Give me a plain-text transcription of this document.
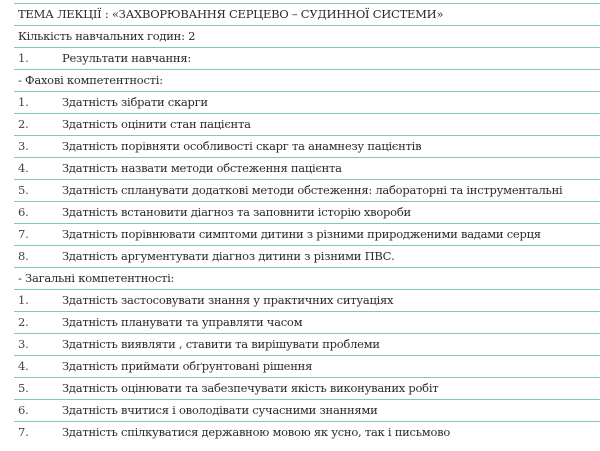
ТЕМА ЛЕКЦІЇ : «ЗАХВОРЮВАННЯ СЕРЦЕВО – СУДИННОЇ СИСТЕМИ»
Кількість навчальних годин: 2
1.	Результати навчання:
- Фахові компетентності:
1.	Здатність зібрати скарги
2.	Здатність оцінити стан пацієнта
3.	Здатність порівняти особливості скарг та анамнезу пацієнтів
4.	Здатність назвати методи обстеження пацієнта
5.	Здатність спланувати додаткові методи обстеження: лабораторні та інструментальні
6.	Здатність встановити діагноз та заповнити історію хвороби
7.	Здатність порівнювати симптоми дитини з різними природженими вадами серця
8.	Здатність аргументувати діагноз дитини з різними ПВС.
- Загальні компетентності:
1.	Здатність застосовувати знання у практичних ситуаціях
2.	Здатність планувати та управляти часом
3.	Здатність виявляти , ставити та вирішувати проблеми
4.	Здатність приймати обґрунтовані рішення
5.	Здатність оцінювати та забезпечувати якість виконуваних робіт
6.	Здатність вчитися і оволодівати сучасними знаннями
7.	Здатність спілкуватися державною мовою як усно, так і письмово
